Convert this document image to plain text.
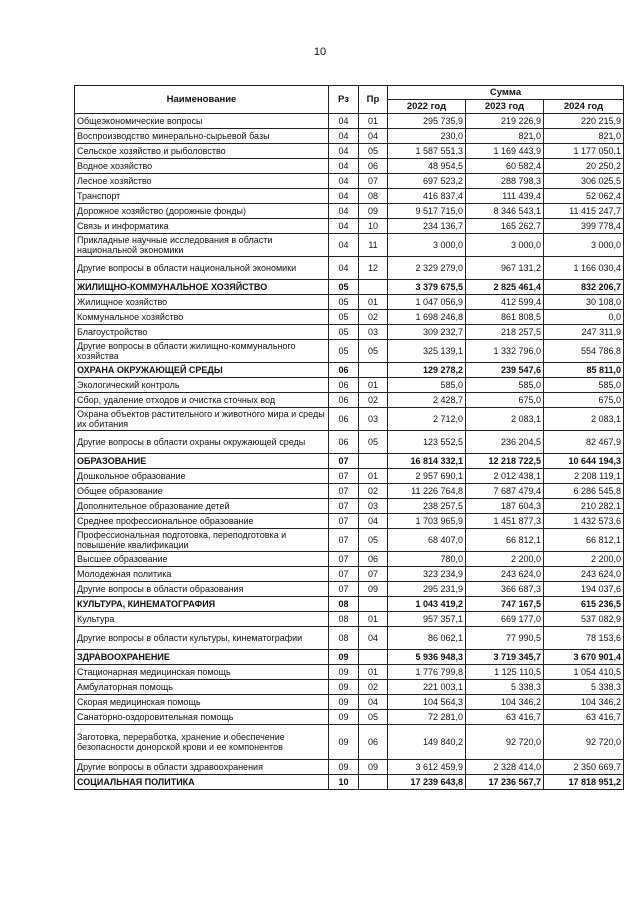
10
Наименование	Рз	Пр	Сумма		
			2022 год	2023 год	2024 год
Общеэкономические вопросы	04	01	295 735,9	219 226,9	220 215,9
Воспроизводство минерально-сырьевой базы	04	04	230,0	821,0	821,0
Сельское хозяйство и рыболовство	04	05	1 587 551,3	1 169 443,9	1 177 050,1
Водное хозяйство	04	06	48 954,5	60 582,4	20 250,2
Лесное хозяйство	04	07	697 523,2	288 798,3	306 025,5
Транспорт	04	08	416 837,4	111 439,4	52 062,4
Дорожное хозяйство (дорожные фонды)	04	09	9 517 715,0	8 346 543,1	11 415 247,7
Связь и информатика	04	10	234 136,7	165 262,7	399 778,4
Прикладные научные исследования в области национальной экономики	04	11	3 000,0	3 000,0	3 000,0
Другие вопросы в области национальной экономики	04	12	2 329 279,0	967 131,2	1 166 030,4
ЖИЛИЩНО-КОММУНАЛЬНОЕ ХОЗЯЙСТВО	05		3 379 675,5	2 825 461,4	832 206,7
Жилищное хозяйство	05	01	1 047 056,9	412 599,4	30 108,0
Коммунальное хозяйство	05	02	1 698 246,8	861 808,5	0,0
Благоустройство	05	03	309 232,7	218 257,5	247 311,9
Другие вопросы в области жилищно-коммунального хозяйства	05	05	325 139,1	1 332 796,0	554 786,8
ОХРАНА ОКРУЖАЮЩЕЙ СРЕДЫ	06		129 278,2	239 547,6	85 811,0
Экологический контроль	06	01	585,0	585,0	585,0
Сбор, удаление отходов и очистка сточных вод	06	02	2 428,7	675,0	675,0
Охрана объектов растительного и животного мира и среды их обитания	06	03	2 712,0	2 083,1	2 083,1
Другие вопросы в области охраны окружающей среды	06	05	123 552,5	236 204,5	82 467,9
ОБРАЗОВАНИЕ	07		16 814 332,1	12 218 722,5	10 644 194,3
Дошкольное образование	07	01	2 957 690,1	2 012 438,1	2 208 119,1
Общее образование	07	02	11 226 764,8	7 687 479,4	6 286 545,8
Дополнительное образование детей	07	03	238 257,5	187 604,3	210 282,1
Среднее профессиональное образование	07	04	1 703 965,9	1 451 877,3	1 432 573,6
Профессиональная подготовка, переподготовка и повышение квалификации	07	05	68 407,0	66 812,1	66 812,1
Высшее образование	07	06	780,0	2 200,0	2 200,0
Молодежная политика	07	07	323 234,9	243 624,0	243 624,0
Другие вопросы в области образования	07	09	295 231,9	366 687,3	194 037,6
КУЛЬТУРА, КИНЕМАТОГРАФИЯ	08		1 043 419,2	747 167,5	615 236,5
Культура	08	01	957 357,1	669 177,0	537 082,9
Другие вопросы в области культуры, кинематографии	08	04	86 062,1	77 990,5	78 153,6
ЗДРАВООХРАНЕНИЕ	09		5 936 948,3	3 719 345,7	3 670 901,4
Стационарная медицинская помощь	09	01	1 776 799,8	1 125 110,5	1 054 410,5
Амбулаторная помощь	09	02	221 003,1	5 338,3	5 338,3
Скорая медицинская помощь	09	04	104 564,3	104 346,2	104 346,2
Санаторно-оздоровительная помощь	09	05	72 281,0	63 416,7	63 416,7
Заготовка, переработка, хранение и обеспечение безопасности донорской крови и ее компонентов	09	06	149 840,2	92 720,0	92 720,0
Другие вопросы в области здравоохранения	09	09	3 612 459,9	2 328 414,0	2 350 669,7
СОЦИАЛЬНАЯ ПОЛИТИКА	10		17 239 643,8	17 236 567,7	17 818 951,2
